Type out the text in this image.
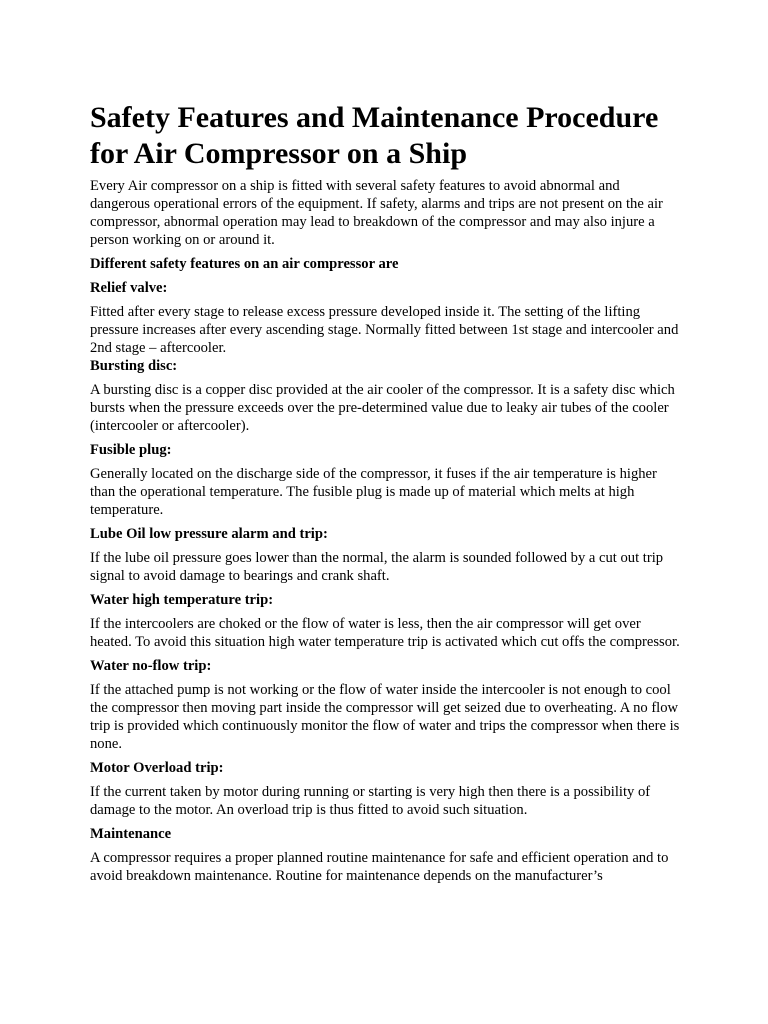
Safety Features and Maintenance Procedure for Air Compressor on a Ship

Every Air compressor on a ship is fitted with several safety features to avoid abnormal and dangerous operational errors of the equipment. If safety, alarms and trips are not present on the air compressor, abnormal operation may lead to breakdown of the compressor and may also injure a person working on or around it.

Different safety features on an air compressor are

Relief valve:

Fitted after every stage to release excess pressure developed inside it. The setting of the lifting pressure increases after every ascending stage. Normally fitted between 1st stage and intercooler and 2nd stage – aftercooler.

Bursting disc:

A bursting disc is a copper disc provided at the air cooler of the compressor. It is a safety disc which bursts when the pressure exceeds over the pre-determined value due to leaky air tubes of the cooler (intercooler or aftercooler).

Fusible plug:

Generally located on the discharge side of the compressor, it fuses if the air temperature is higher than the operational temperature. The fusible plug is made up of material which melts at high temperature.

Lube Oil low pressure alarm and trip:

If the lube oil pressure goes lower than the normal, the alarm is sounded followed by a cut out trip signal to avoid damage to bearings and crank shaft.

Water high temperature trip:

If the intercoolers are choked or the flow of water is less, then the air compressor will get over heated. To avoid this situation high water temperature trip is activated which cut offs the compressor.

Water no-flow trip:

If the attached pump is not working or the flow of water inside the intercooler is not enough to cool the compressor then moving part inside the compressor will get seized due to overheating. A no flow trip is provided which continuously monitor the flow of water and trips the compressor when there is none.

Motor Overload trip:

If the current taken by motor during running or starting is very high then there is a possibility of damage to the motor. An overload trip is thus fitted to avoid such situation.

Maintenance

A compressor requires a proper planned routine maintenance for safe and efficient operation and to avoid breakdown maintenance. Routine for maintenance depends on the manufacturer’s
